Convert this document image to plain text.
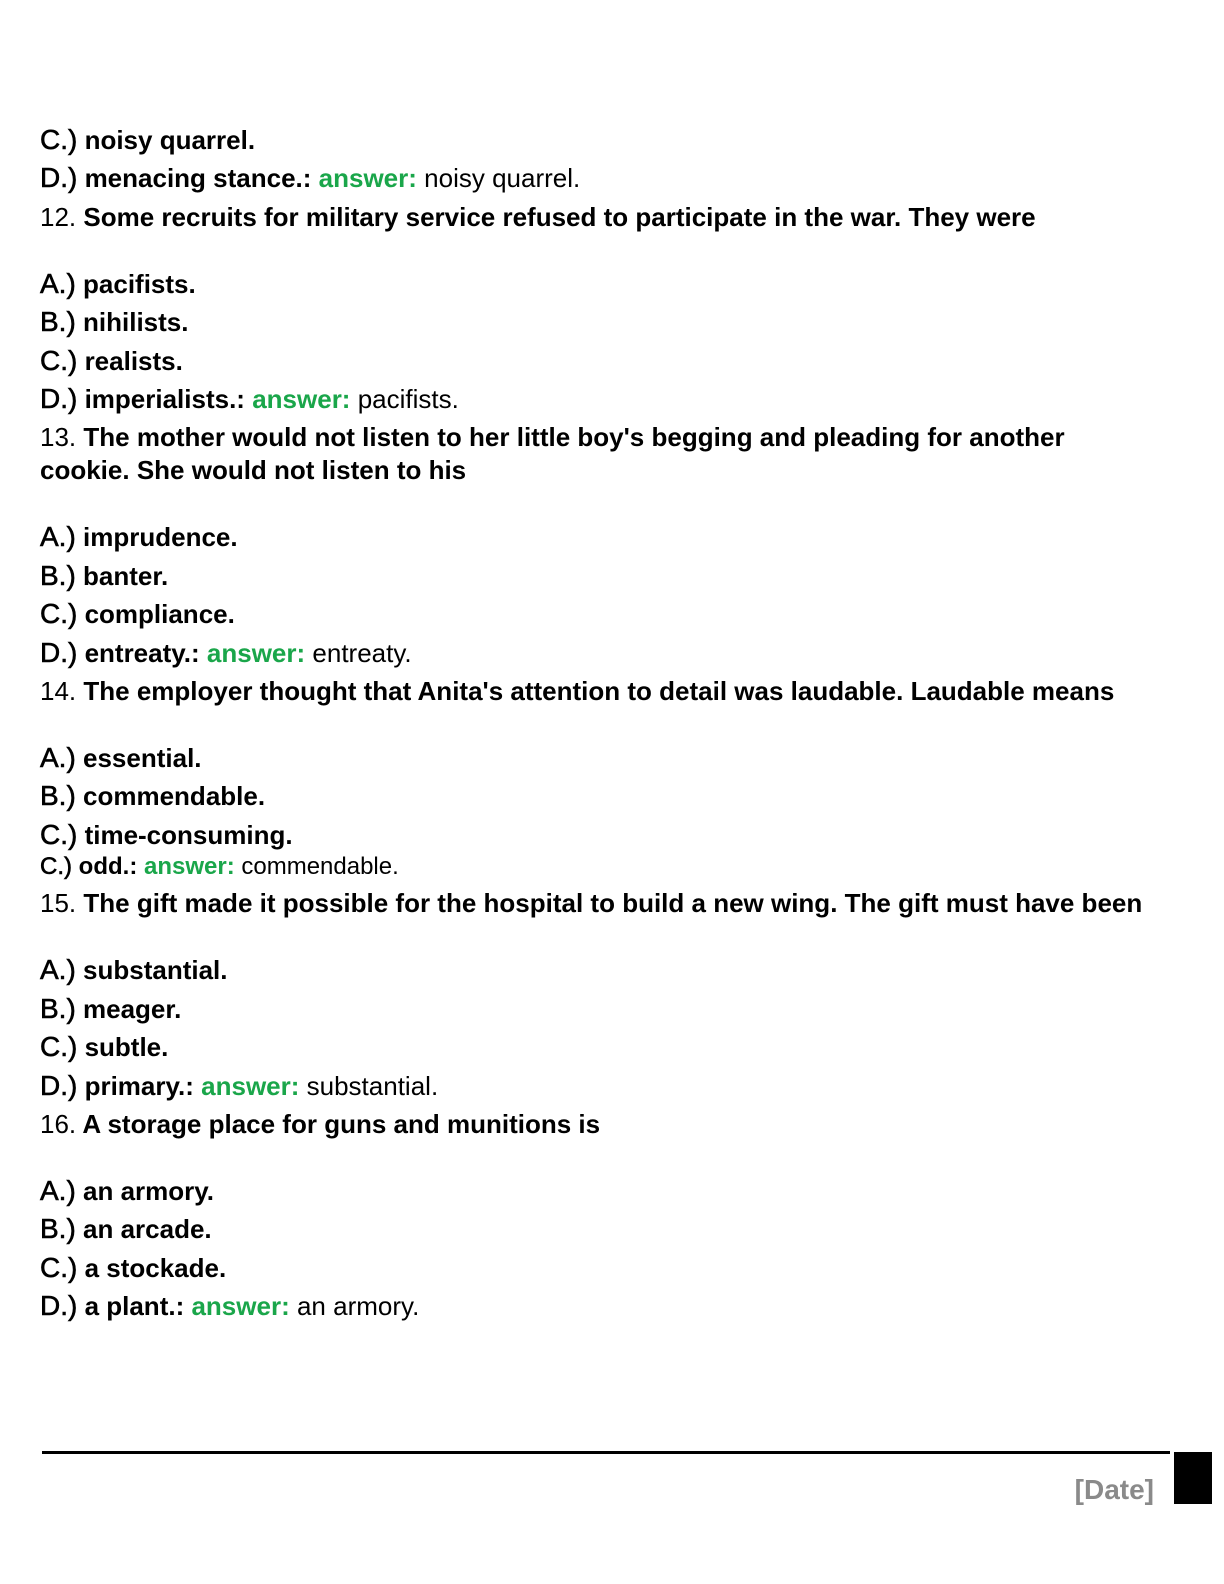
C.) noisy quarrel.
D.) menacing stance.: answer: noisy quarrel.
12. Some recruits for military service refused to participate in the war. They were
A.) pacifists.
B.) nihilists.
C.) realists.
D.) imperialists.: answer: pacifists.
13. The mother would not listen to her little boy's begging and pleading for another cookie. She would not listen to his
A.) imprudence.
B.) banter.
C.) compliance.
D.) entreaty.: answer: entreaty.
14. The employer thought that Anita's attention to detail was laudable. Laudable means
A.) essential.
B.) commendable.
C.) time-consuming.
C.) odd.: answer: commendable.
15. The gift made it possible for the hospital to build a new wing. The gift must have been
A.) substantial.
B.) meager.
C.) subtle.
D.) primary.: answer: substantial.
16. A storage place for guns and munitions is
A.) an armory.
B.) an arcade.
C.) a stockade.
D.) a plant.: answer: an armory.
[Date]
